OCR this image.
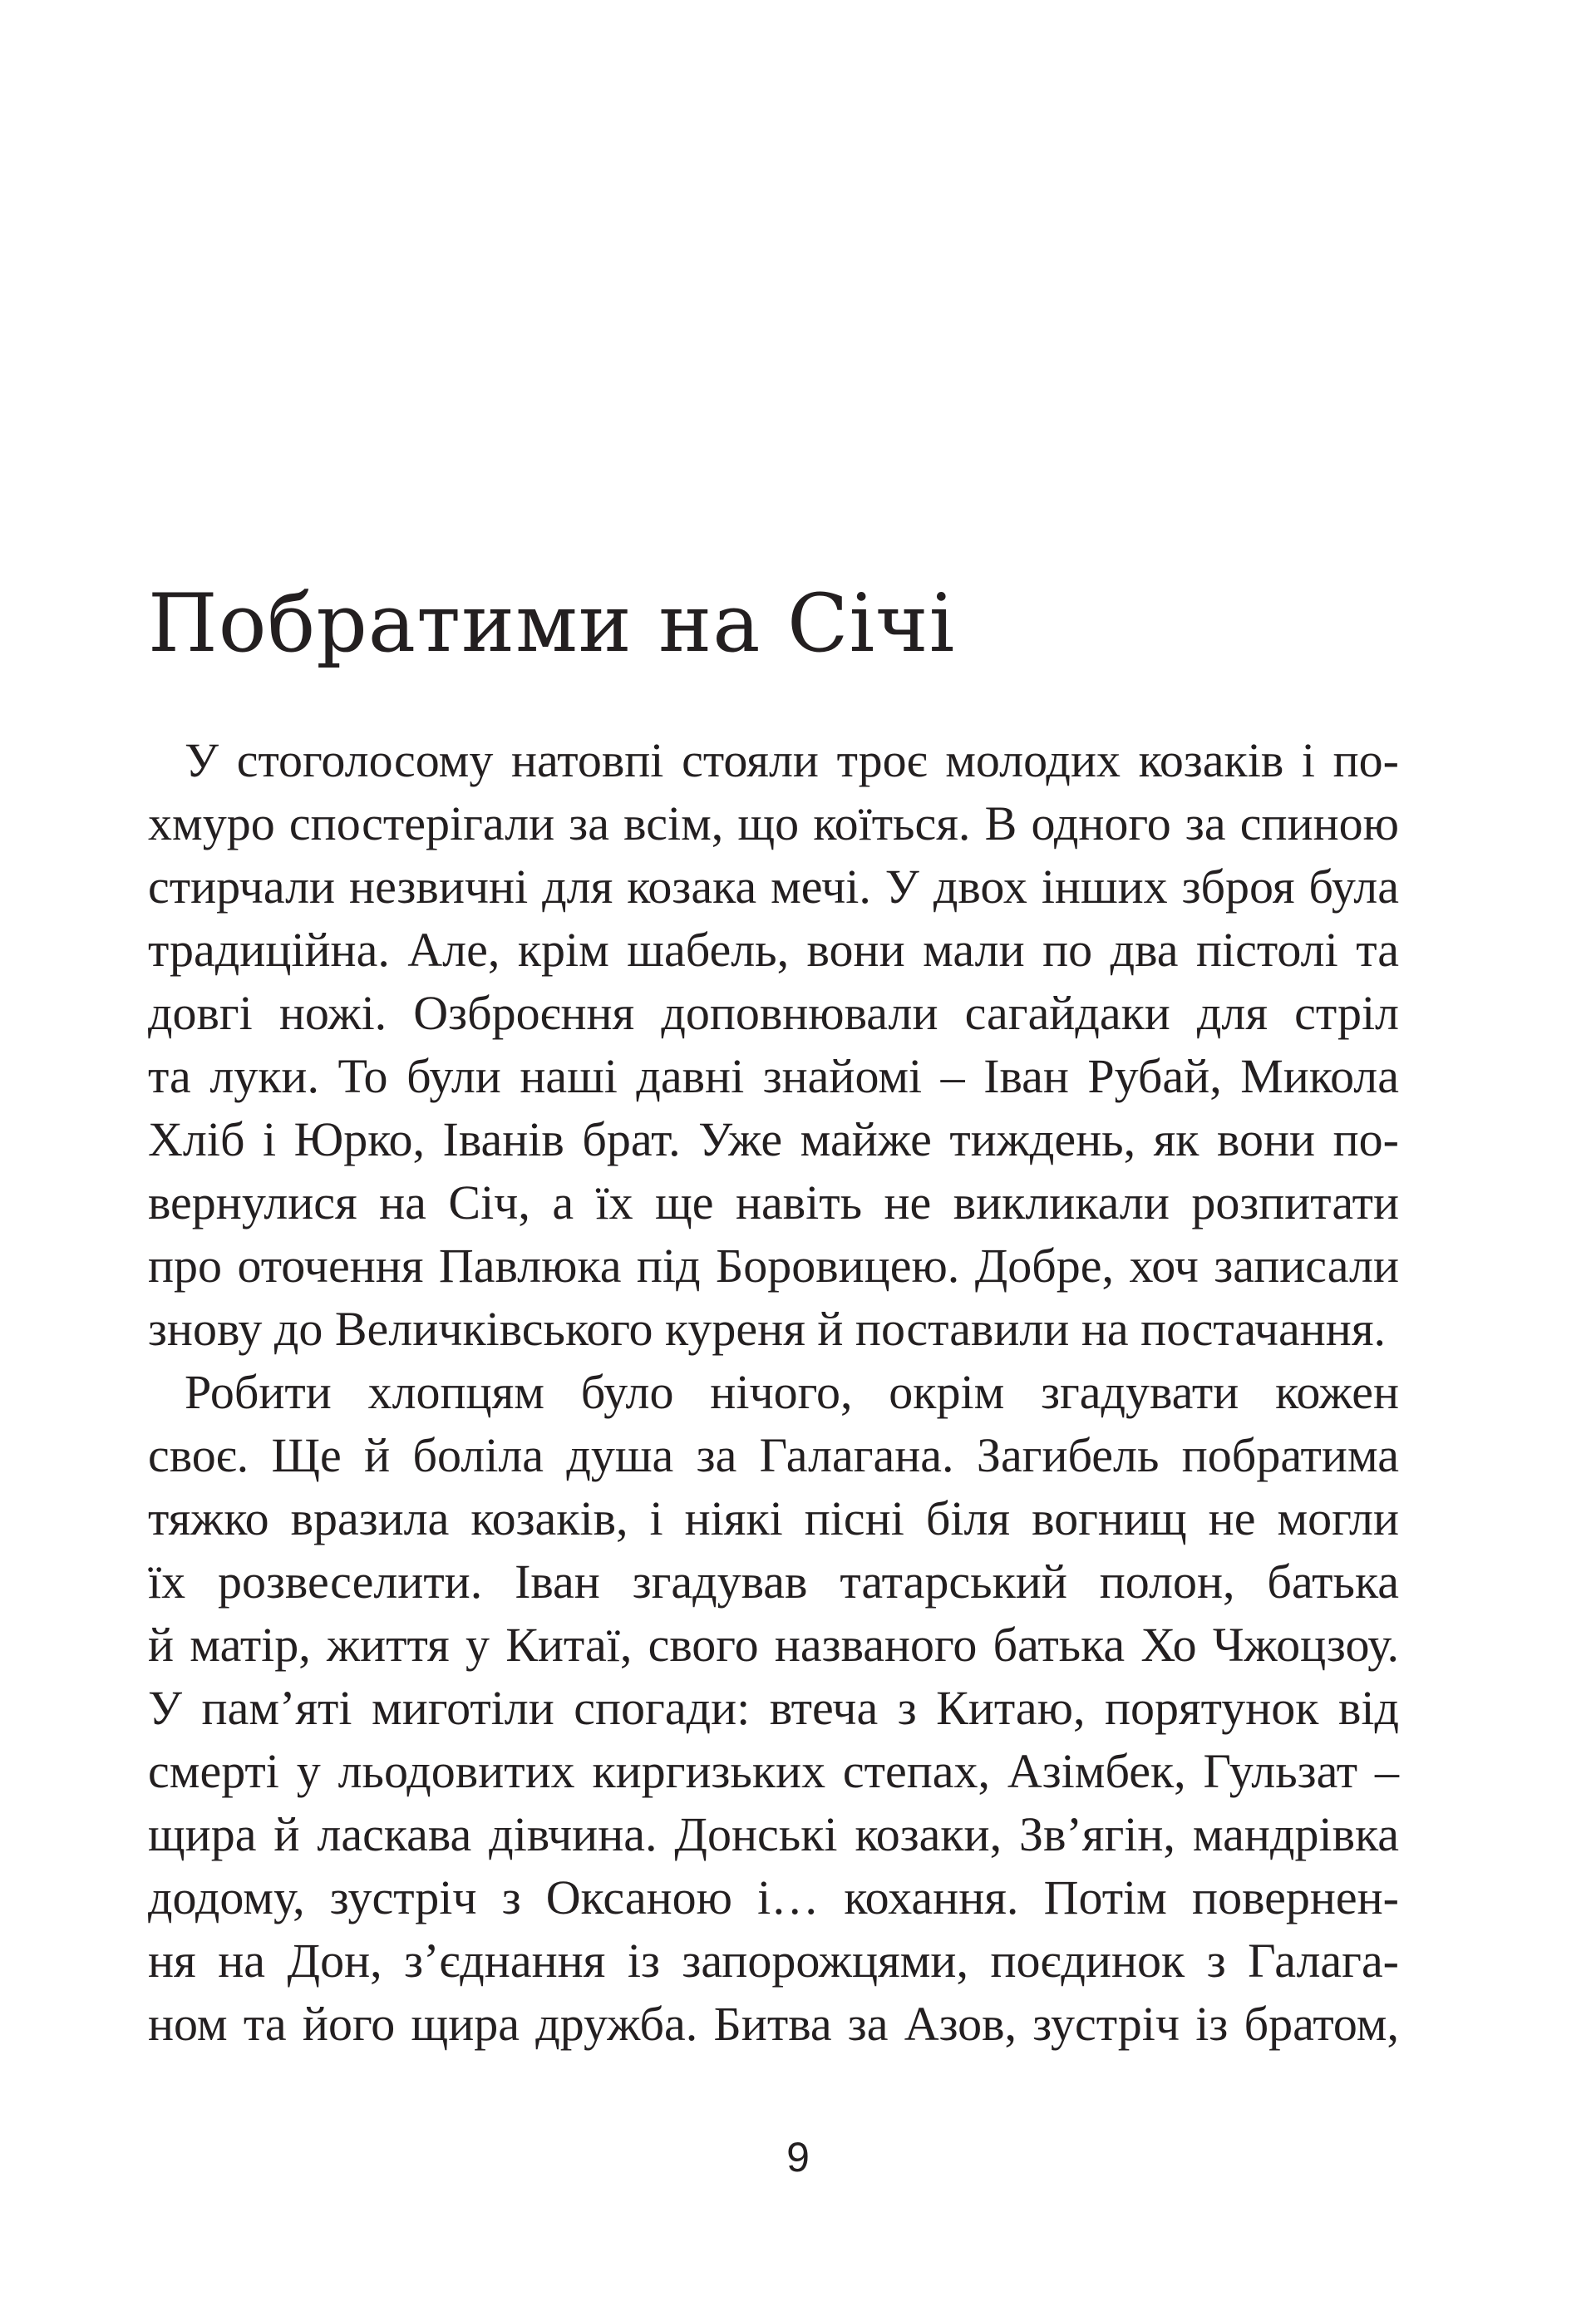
Побратими на Січі
У стоголосому натовпі стояли троє молодих козаків і по-
хмуро спостерігали за всім, що коїться. В одного за спиною
стирчали незвичні для козака мечі. У двох інших зброя була
традиційна. Але, крім шабель, вони мали по два пістолі та
довгі ножі. Озброєння доповнювали сагайдаки для стріл
та луки. То були наші давні знайомі – Іван Рубай, Микола
Хліб і Юрко, Іванів брат. Уже майже тиждень, як вони по-
вернулися на Січ, а їх ще навіть не викликали розпитати
про оточення Павлюка під Боровицею. Добре, хоч записали
знову до Величківського куреня й поставили на постачання.
Робити хлопцям було нічого, окрім згадувати кожен
своє. Ще й боліла душа за Галагана. Загибель побратима
тяжко вразила козаків, і ніякі пісні біля вогнищ не могли
їх розвеселити. Іван згадував татарський полон, батька
й матір, життя у Китаї, свого названого батька Хо Чжоцзоу.
У пам’яті миготіли спогади: втеча з Китаю, порятунок від
смерті у льодовитих киргизьких степах, Азімбек, Гульзат –
щира й ласкава дівчина. Донські козаки, Зв’ягін, мандрівка
додому, зустріч з Оксаною і… кохання. Потім повернен-
ня на Дон, з’єднання із запорожцями, поєдинок з Галага-
ном та його щира дружба. Битва за Азов, зустріч із братом,
9
